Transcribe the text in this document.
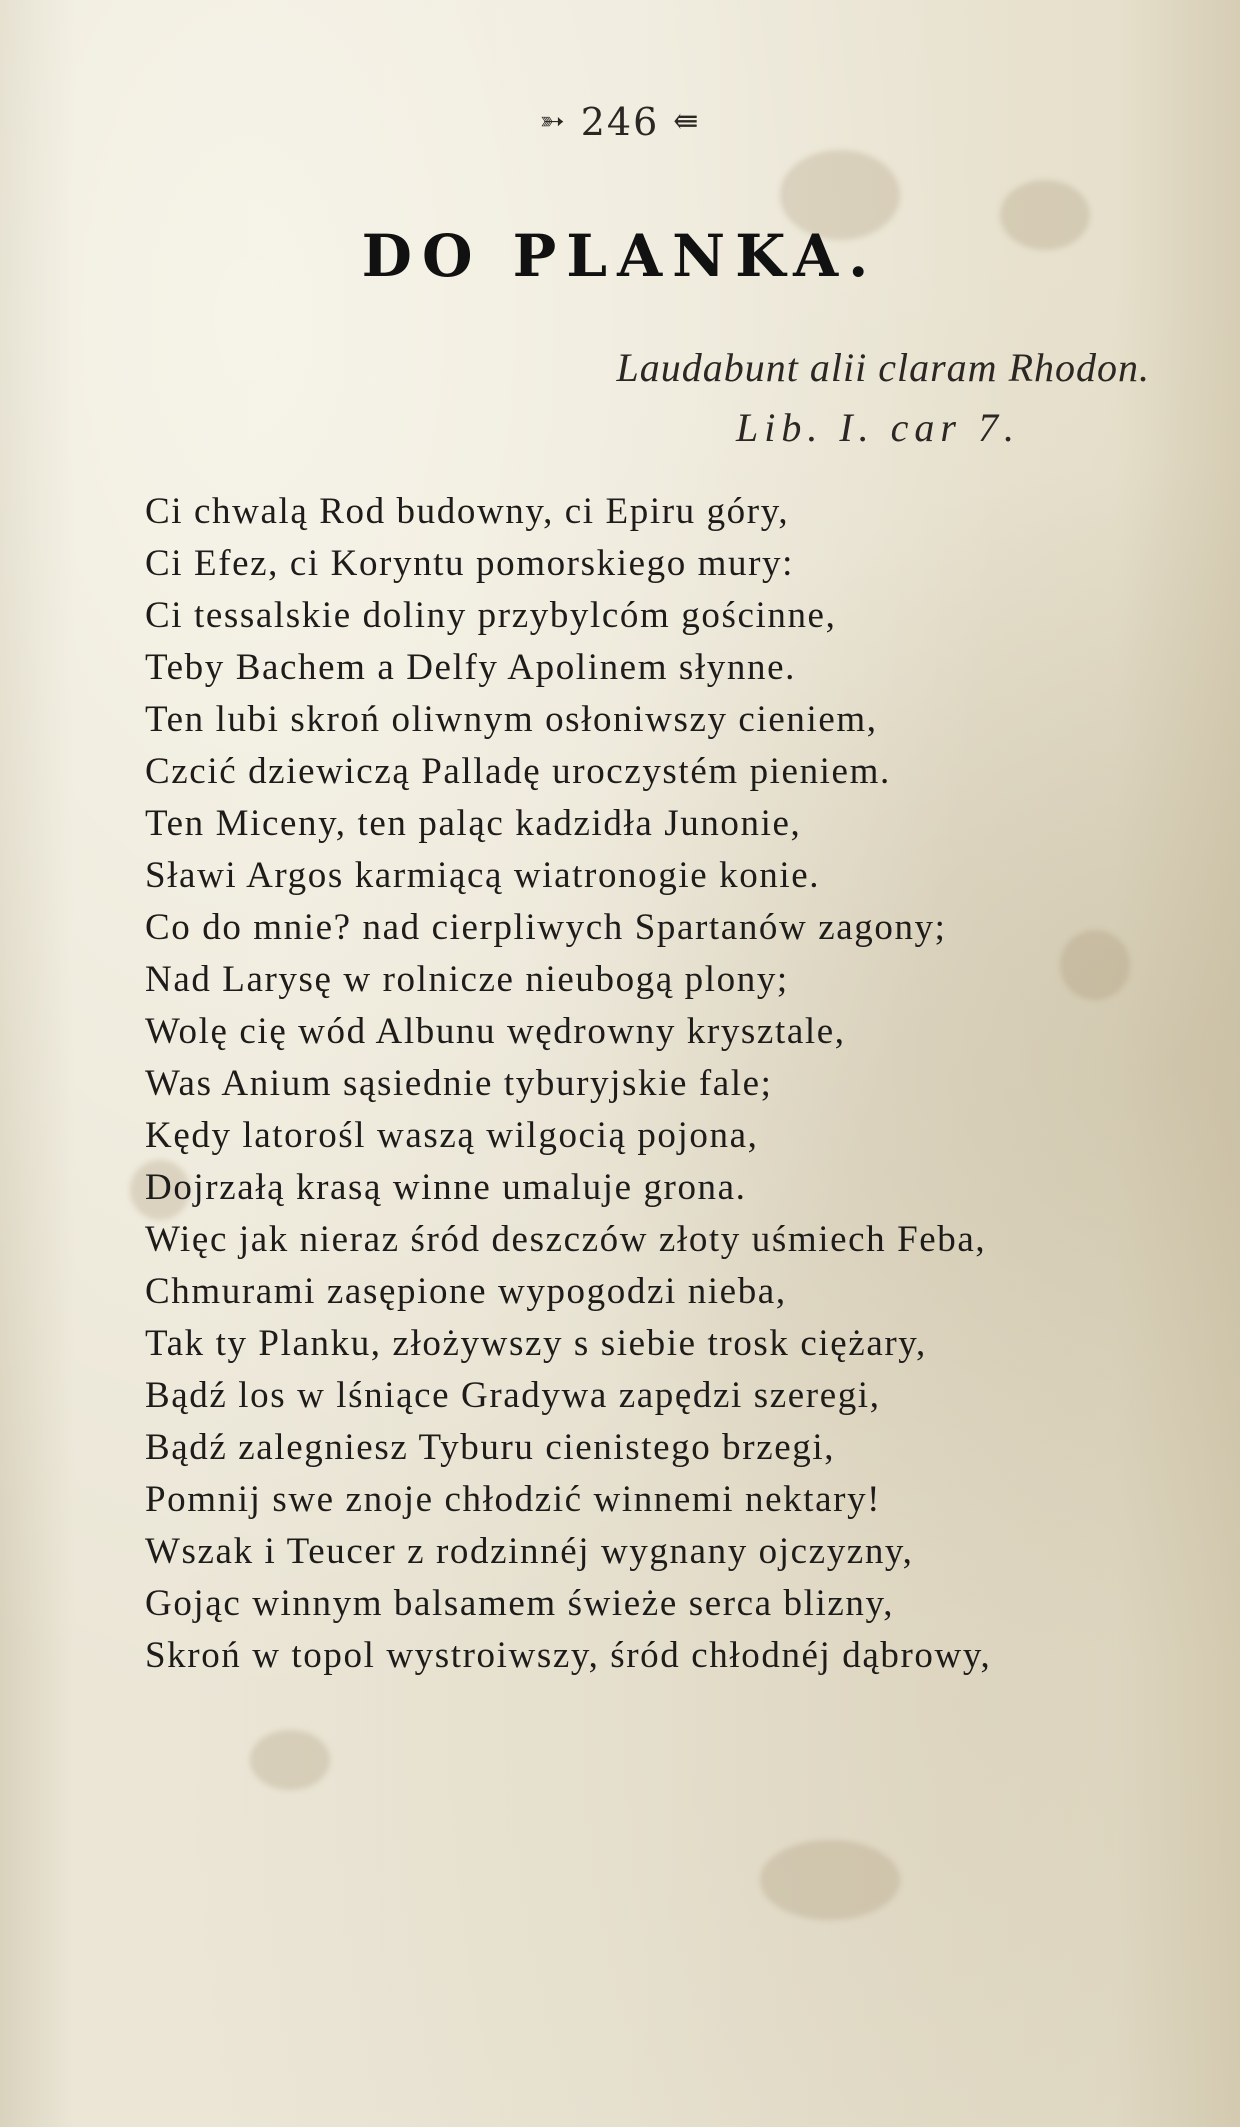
➳ 246 ⇚
DO PLANKA.
Laudabunt alii claram Rhodon.
Lib. I. car 7.
Ci chwalą Rod budowny, ci Epiru góry,
Ci Efez, ci Koryntu pomorskiego mury:
Ci tessalskie doliny przybylcóm gościnne,
Teby Bachem a Delfy Apolinem słynne.
Ten lubi skroń oliwnym osłoniwszy cieniem,
Czcić dziewiczą Palladę uroczystém pieniem.
Ten Miceny, ten paląc kadzidła Junonie,
Sławi Argos karmiącą wiatronogie konie.
Co do mnie? nad cierpliwych Spartanów zagony;
Nad Larysę w rolnicze nieubogą plony;
Wolę cię wód Albunu wędrowny krysztale,
Was Anium sąsiednie tyburyjskie fale;
Kędy latorośl waszą wilgocią pojona,
Dojrzałą krasą winne umaluje grona.
Więc jak nieraz śród deszczów złoty uśmiech Feba,
Chmurami zasępione wypogodzi nieba,
Tak ty Planku, złożywszy s siebie trosk ciężary,
Bądź los w lśniące Gradywa zapędzi szeregi,
Bądź zalegniesz Tyburu cienistego brzegi,
Pomnij swe znoje chłodzić winnemi nektary!
Wszak i Teucer z rodzinnéj wygnany ojczyzny,
Gojąc winnym balsamem świeże serca blizny,
Skroń w topol wystroiwszy, śród chłodnéj dąbrowy,
